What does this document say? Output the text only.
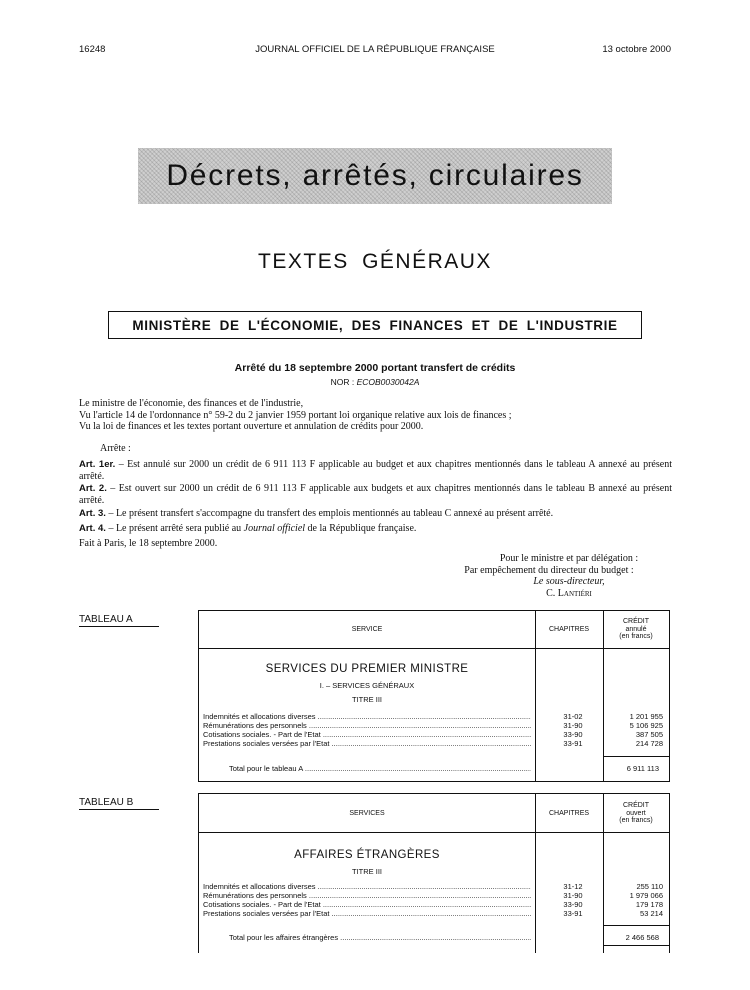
16248	JOURNAL OFFICIEL DE LA RÉPUBLIQUE FRANÇAISE	13 octobre 2000
Décrets, arrêtés, circulaires
TEXTES GÉNÉRAUX
MINISTÈRE DE L'ÉCONOMIE, DES FINANCES ET DE L'INDUSTRIE
Arrêté du 18 septembre 2000 portant transfert de crédits
NOR : ECOB0030042A
Le ministre de l'économie, des finances et de l'industrie,
Vu l'article 14 de l'ordonnance n° 59-2 du 2 janvier 1959 portant loi organique relative aux lois de finances ;
Vu la loi de finances et les textes portant ouverture et annulation de crédits pour 2000.
Arrête :
Art. 1er. – Est annulé sur 2000 un crédit de 6 911 113 F applicable au budget et aux chapitres mentionnés dans le tableau A annexé au présent arrêté.
Art. 2. – Est ouvert sur 2000 un crédit de 6 911 113 F applicable aux budgets et aux chapitres mentionnés dans le tableau B annexé au présent arrêté.
Art. 3. – Le présent transfert s'accompagne du transfert des emplois mentionnés au tableau C annexé au présent arrêté.
Art. 4. – Le présent arrêté sera publié au Journal officiel de la République française.
Fait à Paris, le 18 septembre 2000.
Pour le ministre et par délégation :
Par empêchement du directeur du budget :
Le sous-directeur,
C. Lantiéri
TABLEAU A
SERVICE	CHAPITRES
CRÉDIT
annulé
(en francs)
SERVICES DU PREMIER MINISTRE
I. – SERVICES GÉNÉRAUX
TITRE III
Indemnités et allocations diverses .....	31-02	1 201 955
Rémunérations des personnels .....	31-90	5 106 925
Cotisations sociales. - Part de l'Etat .....	33-90	387 505
Prestations sociales versées par l'Etat .....	33-91	214 728
Total pour le tableau A .....	6 911 113
TABLEAU B
SERVICES	CHAPITRES
CRÉDIT
ouvert
(en francs)
AFFAIRES ÉTRANGÈRES
TITRE III
Indemnités et allocations diverses .....	31-12	255 110
Rémunérations des personnels .....	31-90	1 979 066
Cotisations sociales. - Part de l'Etat .....	33-90	179 178
Prestations sociales versées par l'Etat .....	33-91	53 214
Total pour les affaires étrangères .....	2 466 568
